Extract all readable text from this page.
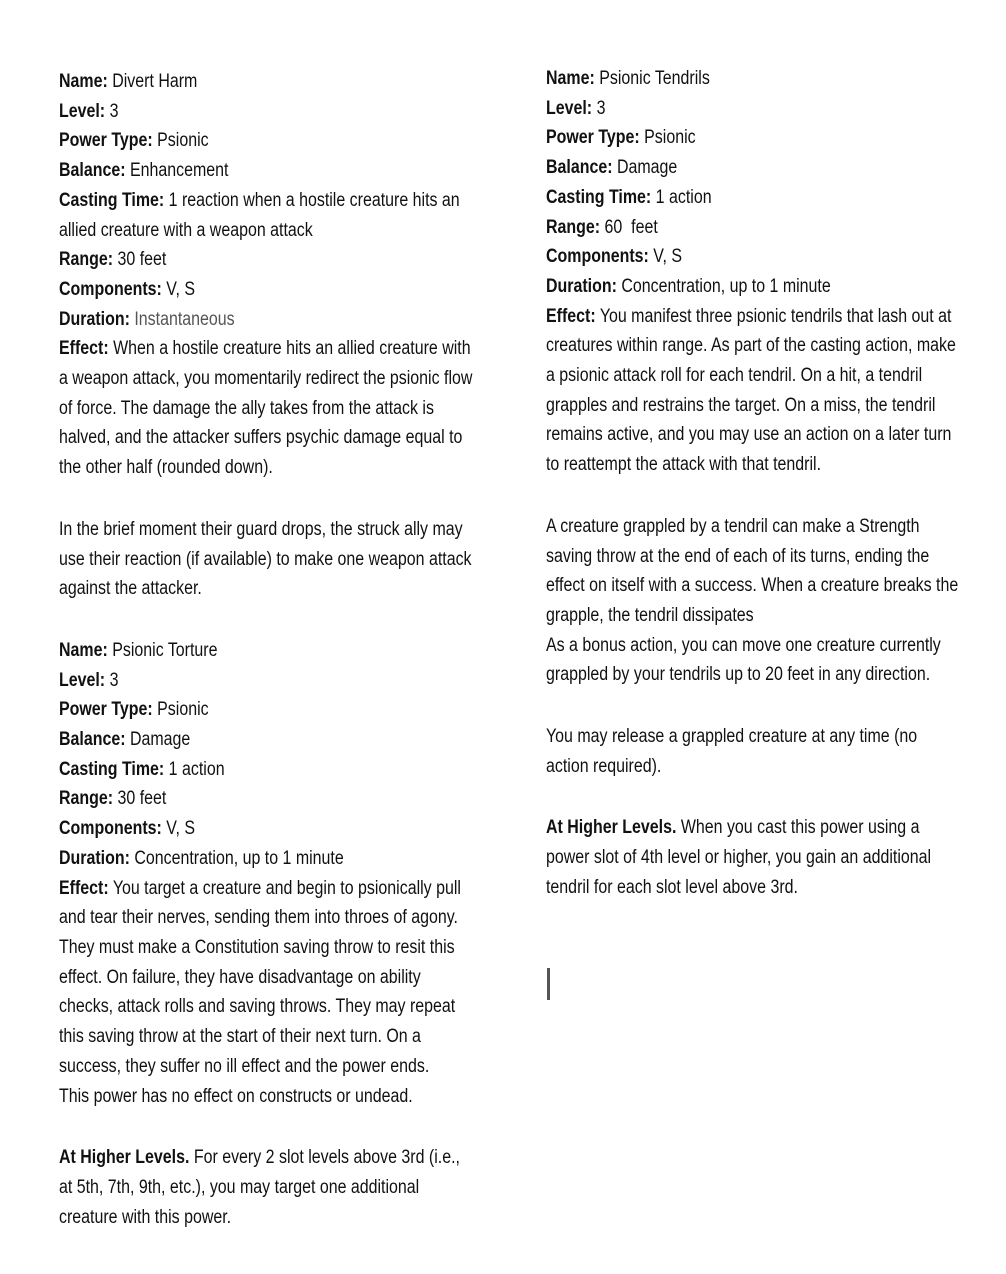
Name: Divert Harm
Level: 3
Power Type: Psionic
Balance: Enhancement
Casting Time: 1 reaction when a hostile creature hits an allied creature with a weapon attack
Range: 30 feet
Components: V, S
Duration: Instantaneous
Effect: When a hostile creature hits an allied creature with a weapon attack, you momentarily redirect the psionic flow of force. The damage the ally takes from the attack is halved, and the attacker suffers psychic damage equal to the other half (rounded down).
In the brief moment their guard drops, the struck ally may use their reaction (if available) to make one weapon attack against the attacker.
Name: Psionic Torture
Level: 3
Power Type: Psionic
Balance: Damage
Casting Time: 1 action
Range: 30 feet
Components: V, S
Duration: Concentration, up to 1 minute
Effect: You target a creature and begin to psionically pull and tear their nerves, sending them into throes of agony. They must make a Constitution saving throw to resit this effect. On failure, they have disadvantage on ability checks, attack rolls and saving throws. They may repeat this saving throw at the start of their next turn. On a success, they suffer no ill effect and the power ends.
This power has no effect on constructs or undead.
At Higher Levels. For every 2 slot levels above 3rd (i.e., at 5th, 7th, 9th, etc.), you may target one additional creature with this power.
Name: Psionic Tendrils
Level: 3
Power Type: Psionic
Balance: Damage
Casting Time: 1 action
Range: 60  feet
Components: V, S
Duration: Concentration, up to 1 minute
Effect: You manifest three psionic tendrils that lash out at creatures within range. As part of the casting action, make a psionic attack roll for each tendril. On a hit, a tendril grapples and restrains the target. On a miss, the tendril remains active, and you may use an action on a later turn to reattempt the attack with that tendril.
A creature grappled by a tendril can make a Strength saving throw at the end of each of its turns, ending the effect on itself with a success. When a creature breaks the grapple, the tendril dissipates
As a bonus action, you can move one creature currently grappled by your tendrils up to 20 feet in any direction.
You may release a grappled creature at any time (no action required).
At Higher Levels. When you cast this power using a power slot of 4th level or higher, you gain an additional tendril for each slot level above 3rd.
